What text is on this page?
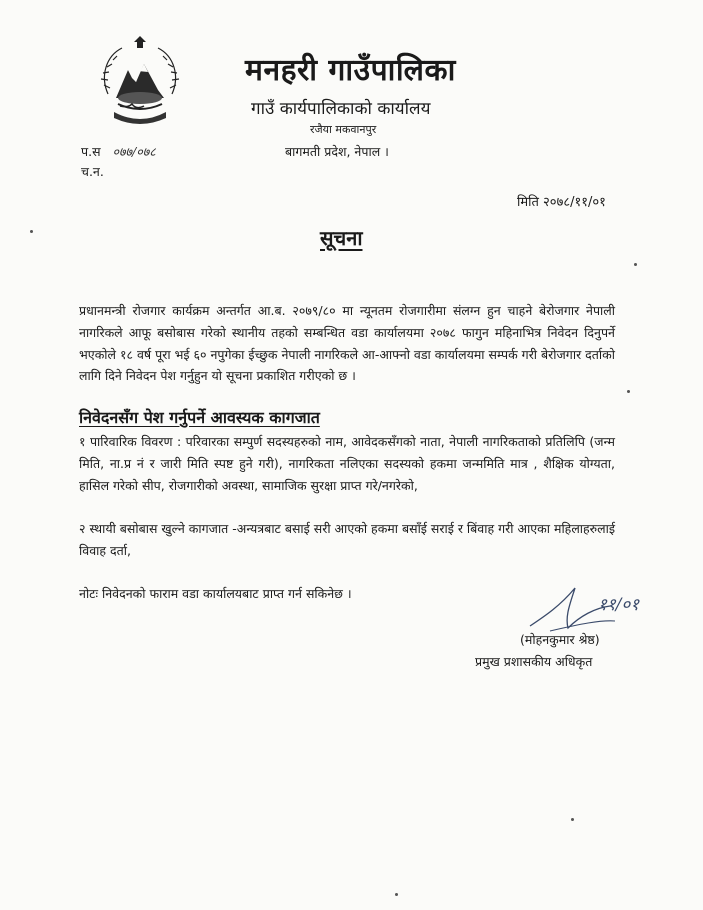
मनहरी गाउँपालिका
गाउँ कार्यपालिकाको कार्यालय
रजैया मकवानपुर
बागमती प्रदेश, नेपाल ।
प.स ०७७/०७८
च.न.
मिति २०७८/११/०१
सूचना
प्रधानमन्त्री रोजगार कार्यक्रम अन्तर्गत आ.ब. २०७९/८० मा न्यूनतम रोजगारीमा संलग्न हुन चाहने बेरोजगार नेपाली नागरिकले आफू बसोबास गरेको स्थानीय तहको सम्बन्धित वडा कार्यालयमा २०७८ फागुन महिनाभित्र निवेदन दिनुपर्ने भएकोले १८ वर्ष पूरा भई ६० नपुगेका ईच्छुक नेपाली नागरिकले आ-आफ्नो वडा कार्यालयमा सम्पर्क गरी बेरोजगार दर्ताको लागि दिने निवेदन पेश गर्नुहुन यो सूचना प्रकाशित गरीएको छ ।
निवेदनसँग पेश गर्नुपर्ने आवस्यक कागजात
१ पारिवारिक विवरण : परिवारका सम्पुर्ण सदस्यहरुको नाम, आवेदकसँगको नाता, नेपाली नागरिकताको प्रतिलिपि (जन्म मिति, ना.प्र नं र जारी मिति स्पष्ट हुने गरी), नागरिकता नलिएका सदस्यको हकमा जन्ममिति मात्र , शैक्षिक योग्यता, हासिल गरेको सीप, रोजगारीको अवस्था, सामाजिक सुरक्षा प्राप्त गरे/नगरेको,
२ स्थायी बसोबास खुल्ने कागजात -अन्यत्रबाट बसाई सरी आएको हकमा बसाँई सराई र बिंवाह गरी आएका महिलाहरुलाई विवाह दर्ता,
नोटः निवेदनको फाराम वडा कार्यालयबाट प्राप्त गर्न सकिनेछ ।
११/०१
(मोहनकुमार श्रेष्ठ)
प्रमुख प्रशासकीय अधिकृत
